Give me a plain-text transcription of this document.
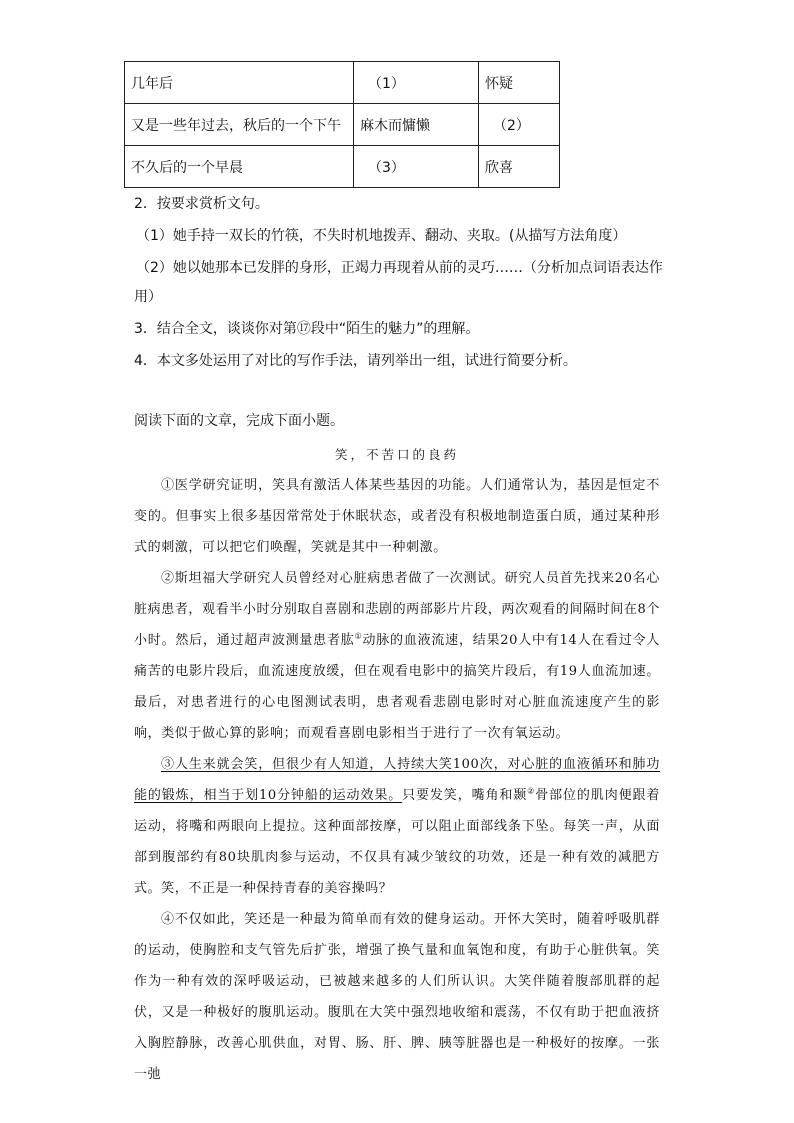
几年后	（1）	怀疑
又是一些年过去，秋后的一个下午	麻木而慵懒	（2）
不久后的一个早晨	（3）	欣喜
2．按要求赏析文句。
（1）她手持一双长的竹筷，不失时机地拨弄、翻动、夹取。(从描写方法角度）
（2）她以她那本已发胖的身形，正竭力再现着从前的灵巧……（分析加点词语表达作
用）
3．结合全文，谈谈你对第⑰段中“陌生的魅力”的理解。
4．本文多处运用了对比的写作手法，请列举出一组，试进行简要分析。
阅读下面的文章，完成下面小题。
笑，不苦口的良药

①医学研究证明，笑具有激活人体某些基因的功能。人们通常认为，基因是恒定不变的。但事实上很多基因常常处于休眠状态，或者没有积极地制造蛋白质，通过某种形式的刺激，可以把它们唤醒，笑就是其中一种刺激。

②斯坦福大学研究人员曾经对心脏病患者做了一次测试。研究人员首先找来20名心脏病患者，观看半小时分别取自喜剧和悲剧的两部影片片段，两次观看的间隔时间在8个小时。然后，通过超声波测量患者肱①动脉的血液流速，结果20人中有14人在看过令人痛苦的电影片段后，血流速度放缓，但在观看电影中的搞笑片段后，有19人血流加速。最后，对患者进行的心电图测试表明，患者观看悲剧电影时对心脏血流速度产生的影响，类似于做心算的影响；而观看喜剧电影相当于进行了一次有氧运动。

③人生来就会笑，但很少有人知道，人持续大笑100次，对心脏的血液循环和肺功能的锻炼，相当于划10分钟船的运动效果。只要发笑，嘴角和颞②骨部位的肌肉便跟着运动，将嘴和两眼向上提拉。这种面部按摩，可以阻止面部线条下坠。每笑一声，从面部到腹部约有80块肌肉参与运动，不仅具有减少皱纹的功效，还是一种有效的减肥方式。笑，不正是一种保持青春的美容操吗？

④不仅如此，笑还是一种最为简单而有效的健身运动。开怀大笑时，随着呼吸肌群的运动，使胸腔和支气管先后扩张，增强了换气量和血氧饱和度，有助于心脏供氧。笑作为一种有效的深呼吸运动，已被越来越多的人们所认识。大笑伴随着腹部肌群的起伏，又是一种极好的腹肌运动。腹肌在大笑中强烈地收缩和震荡，不仅有助于把血液挤入胸腔静脉，改善心肌供血，对胃、肠、肝、脾、胰等脏器也是一种极好的按摩。一张一弛
